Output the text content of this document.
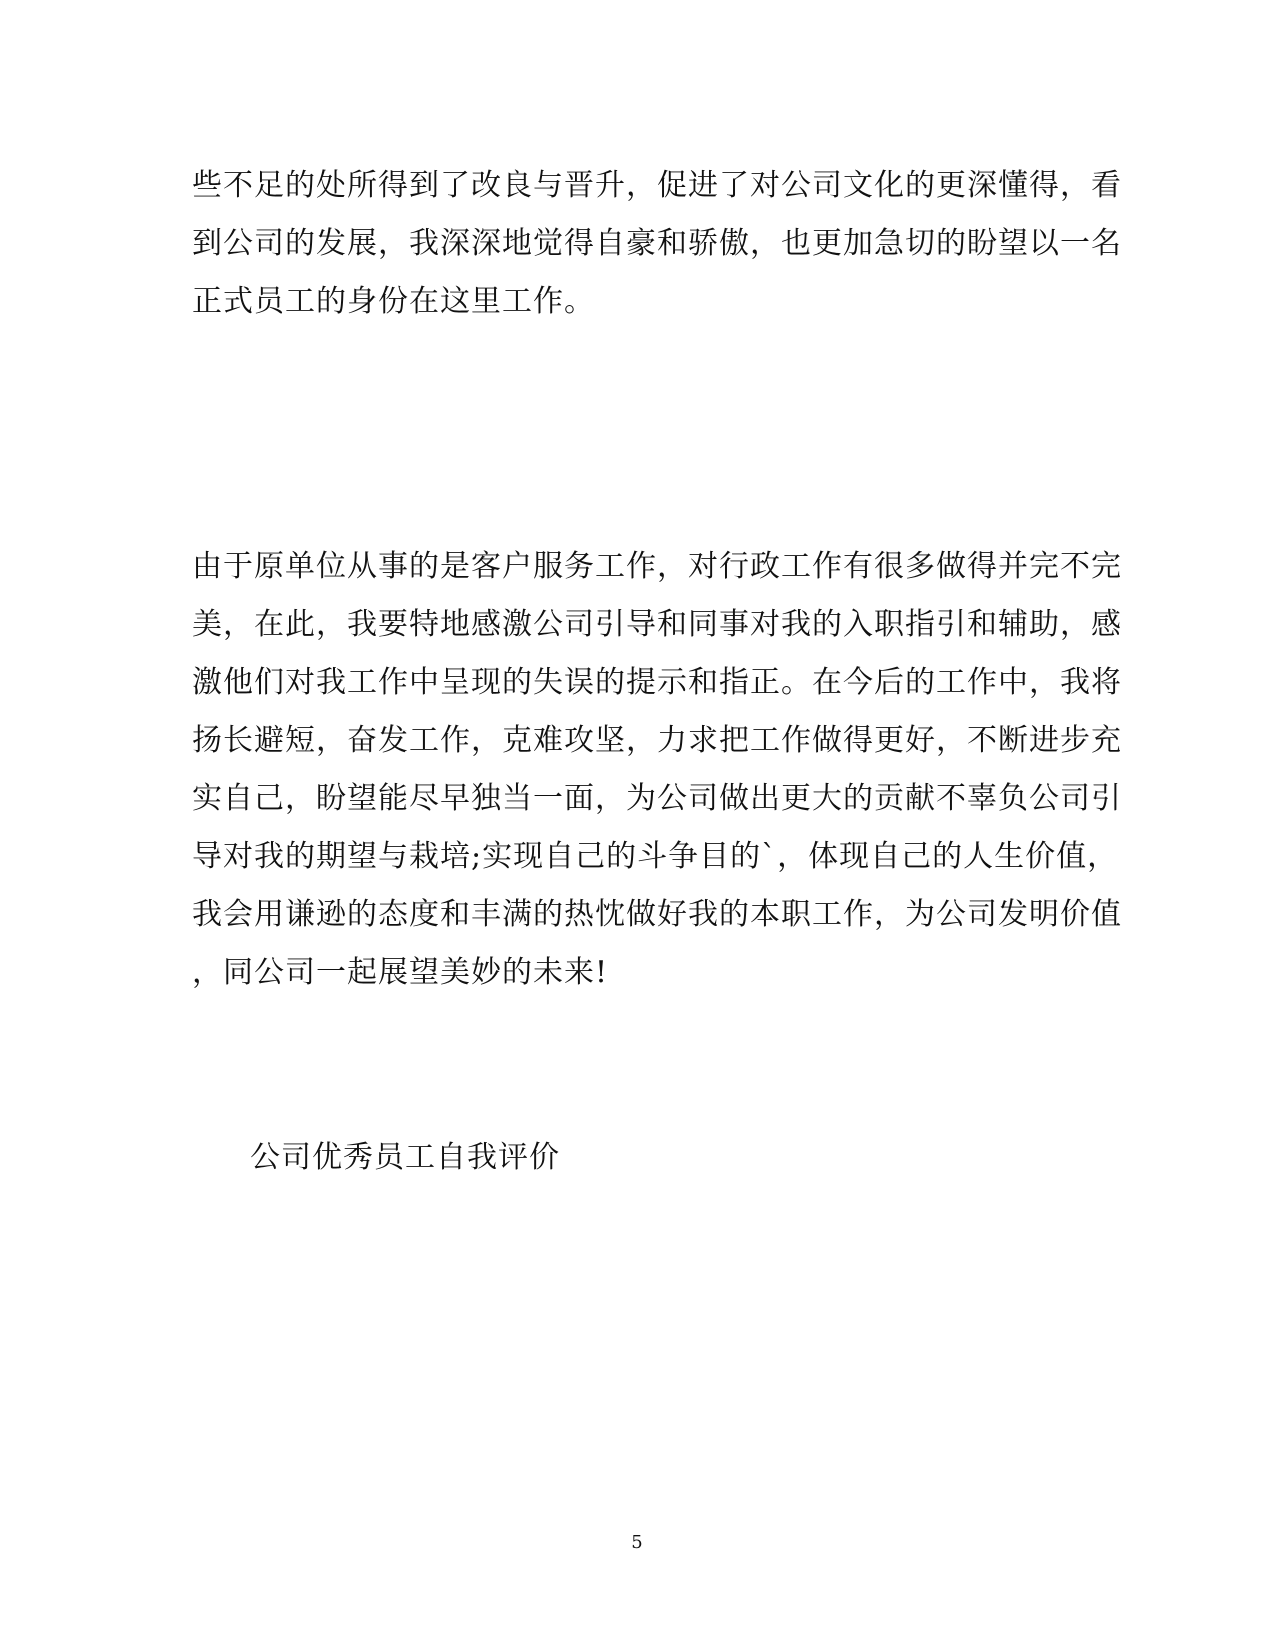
些不足的处所得到了改良与晋升，促进了对公司文化的更深懂得，看
到公司的发展，我深深地觉得自豪和骄傲，也更加急切的盼望以一名
正式员工的身份在这里工作。
由于原单位从事的是客户服务工作，对行政工作有很多做得并完不完
美，在此，我要特地感激公司引导和同事对我的入职指引和辅助，感
激他们对我工作中呈现的失误的提示和指正。在今后的工作中，我将
扬长避短，奋发工作，克难攻坚，力求把工作做得更好，不断进步充
实自己，盼望能尽早独当一面，为公司做出更大的贡献不辜负公司引
导对我的期望与栽培;实现自己的斗争目的`，体现自己的人生价值，
我会用谦逊的态度和丰满的热忱做好我的本职工作，为公司发明价值
，同公司一起展望美妙的未来!
公司优秀员工自我评价
5
